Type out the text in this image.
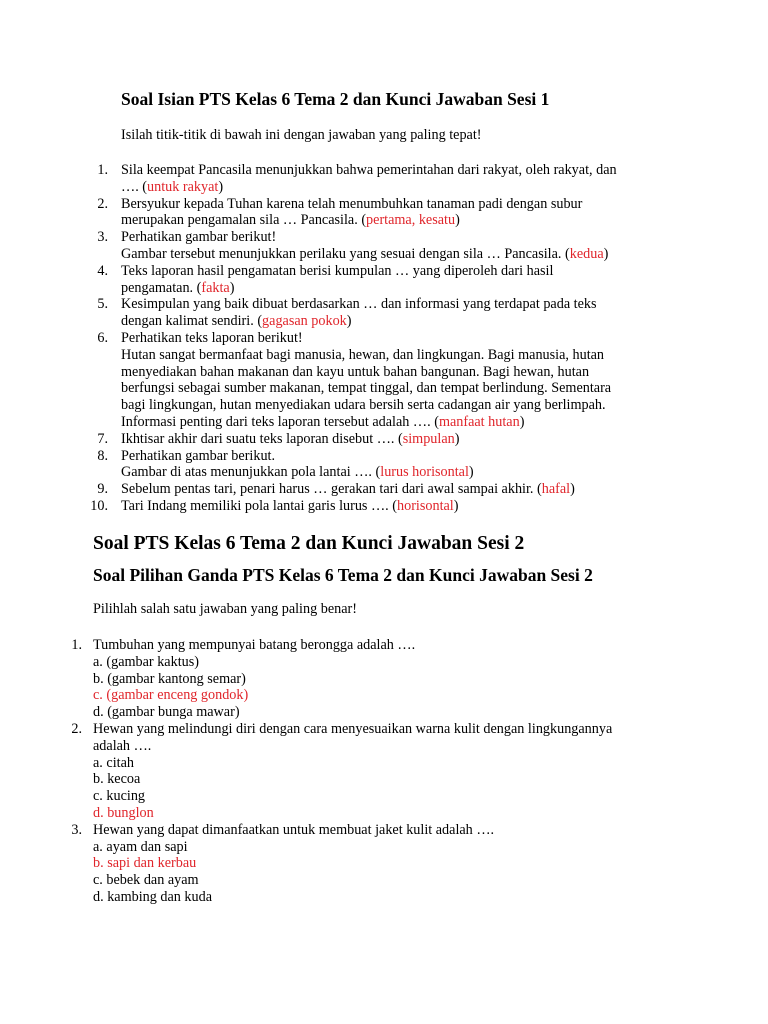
Soal Isian PTS Kelas 6 Tema 2 dan Kunci Jawaban Sesi 1

Isilah titik-titik di bawah ini dengan jawaban yang paling tepat!

1. Sila keempat Pancasila menunjukkan bahwa pemerintahan dari rakyat, oleh rakyat, dan
…. (untuk rakyat)
2. Bersyukur kepada Tuhan karena telah menumbuhkan tanaman padi dengan subur
merupakan pengamalan sila … Pancasila. (pertama, kesatu)
3. Perhatikan gambar berikut!
Gambar tersebut menunjukkan perilaku yang sesuai dengan sila … Pancasila. (kedua)
4. Teks laporan hasil pengamatan berisi kumpulan … yang diperoleh dari hasil
pengamatan. (fakta)
5. Kesimpulan yang baik dibuat berdasarkan … dan informasi yang terdapat pada teks
dengan kalimat sendiri. (gagasan pokok)
6. Perhatikan teks laporan berikut!
Hutan sangat bermanfaat bagi manusia, hewan, dan lingkungan. Bagi manusia, hutan
menyediakan bahan makanan dan kayu untuk bahan bangunan. Bagi hewan, hutan
berfungsi sebagai sumber makanan, tempat tinggal, dan tempat berlindung. Sementara
bagi lingkungan, hutan menyediakan udara bersih serta cadangan air yang berlimpah.
Informasi penting dari teks laporan tersebut adalah …. (manfaat hutan)
7. Ikhtisar akhir dari suatu teks laporan disebut …. (simpulan)
8. Perhatikan gambar berikut.
Gambar di atas menunjukkan pola lantai …. (lurus horisontal)
9. Sebelum pentas tari, penari harus … gerakan tari dari awal sampai akhir. (hafal)
10. Tari Indang memiliki pola lantai garis lurus …. (horisontal)
Soal PTS Kelas 6 Tema 2 dan Kunci Jawaban Sesi 2
Soal Pilihan Ganda PTS Kelas 6 Tema 2 dan Kunci Jawaban Sesi 2

Pilihlah salah satu jawaban yang paling benar!

1. Tumbuhan yang mempunyai batang berongga adalah ….
a. (gambar kaktus)
b. (gambar kantong semar)
c. (gambar enceng gondok)
d. (gambar bunga mawar)
2. Hewan yang melindungi diri dengan cara menyesuaikan warna kulit dengan lingkungannya
adalah ….
a. citah
b. kecoa
c. kucing
d. bunglon
3. Hewan yang dapat dimanfaatkan untuk membuat jaket kulit adalah ….
a. ayam dan sapi
b. sapi dan kerbau
c. bebek dan ayam
d. kambing dan kuda
